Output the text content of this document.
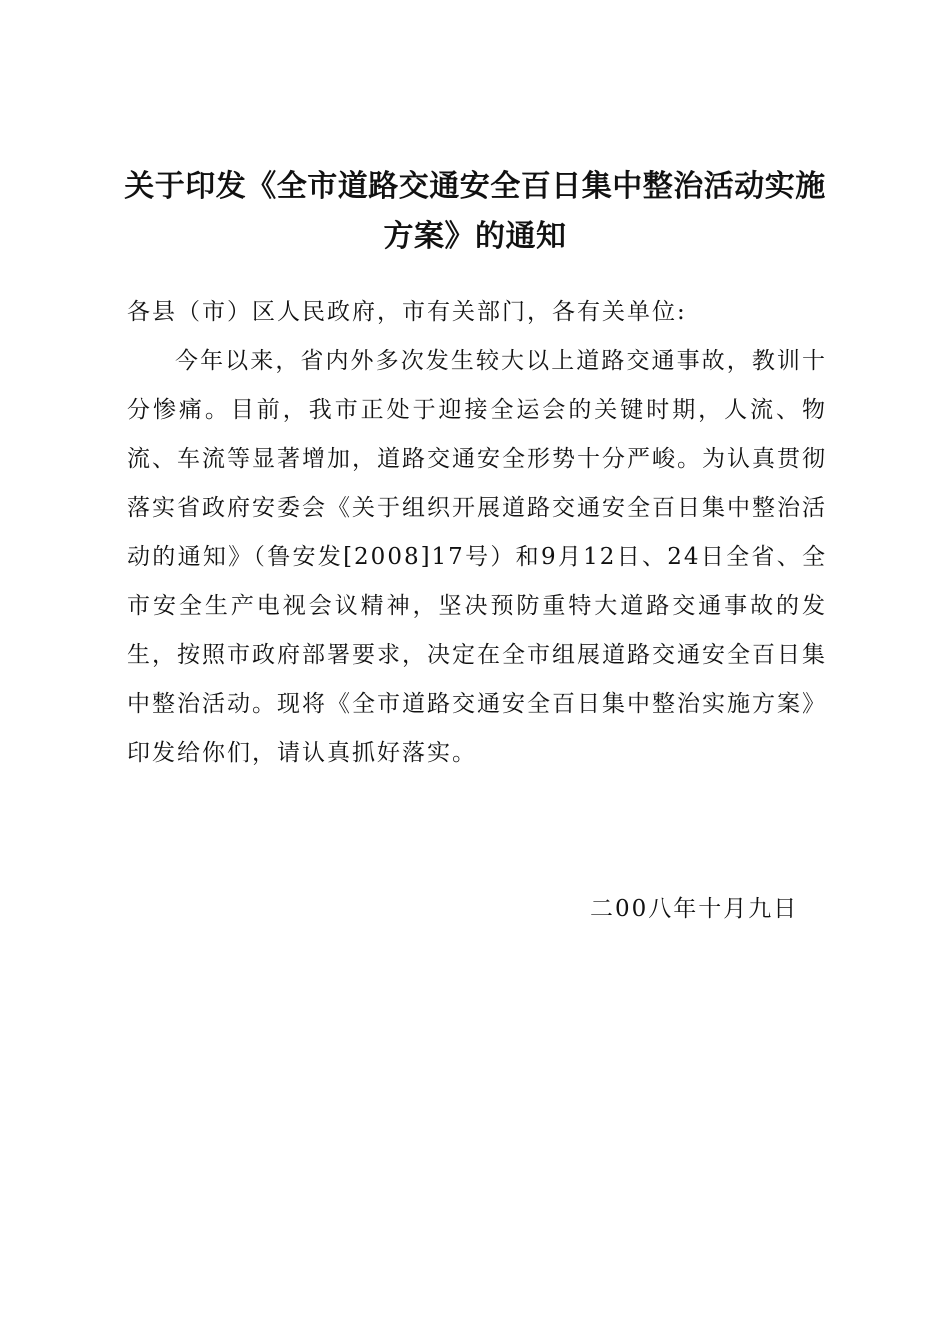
关于印发《全市道路交通安全百日集中整治活动实施方案》的通知
各县（市）区人民政府，市有关部门，各有关单位:
今年以来，省内外多次发生较大以上道路交通事故，教训十分惨痛。目前，我市正处于迎接全运会的关键时期，人流、物流、车流等显著增加，道路交通安全形势十分严峻。为认真贯彻落实省政府安委会《关于组织开展道路交通安全百日集中整治活动的通知》（鲁安发[2008]17号）和9月12日、24日全省、全市安全生产电视会议精神，坚决预防重特大道路交通事故的发生，按照市政府部署要求，决定在全市组展道路交通安全百日集中整治活动。现将《全市道路交通安全百日集中整治实施方案》印发给你们，请认真抓好落实。
二00八年十月九日
